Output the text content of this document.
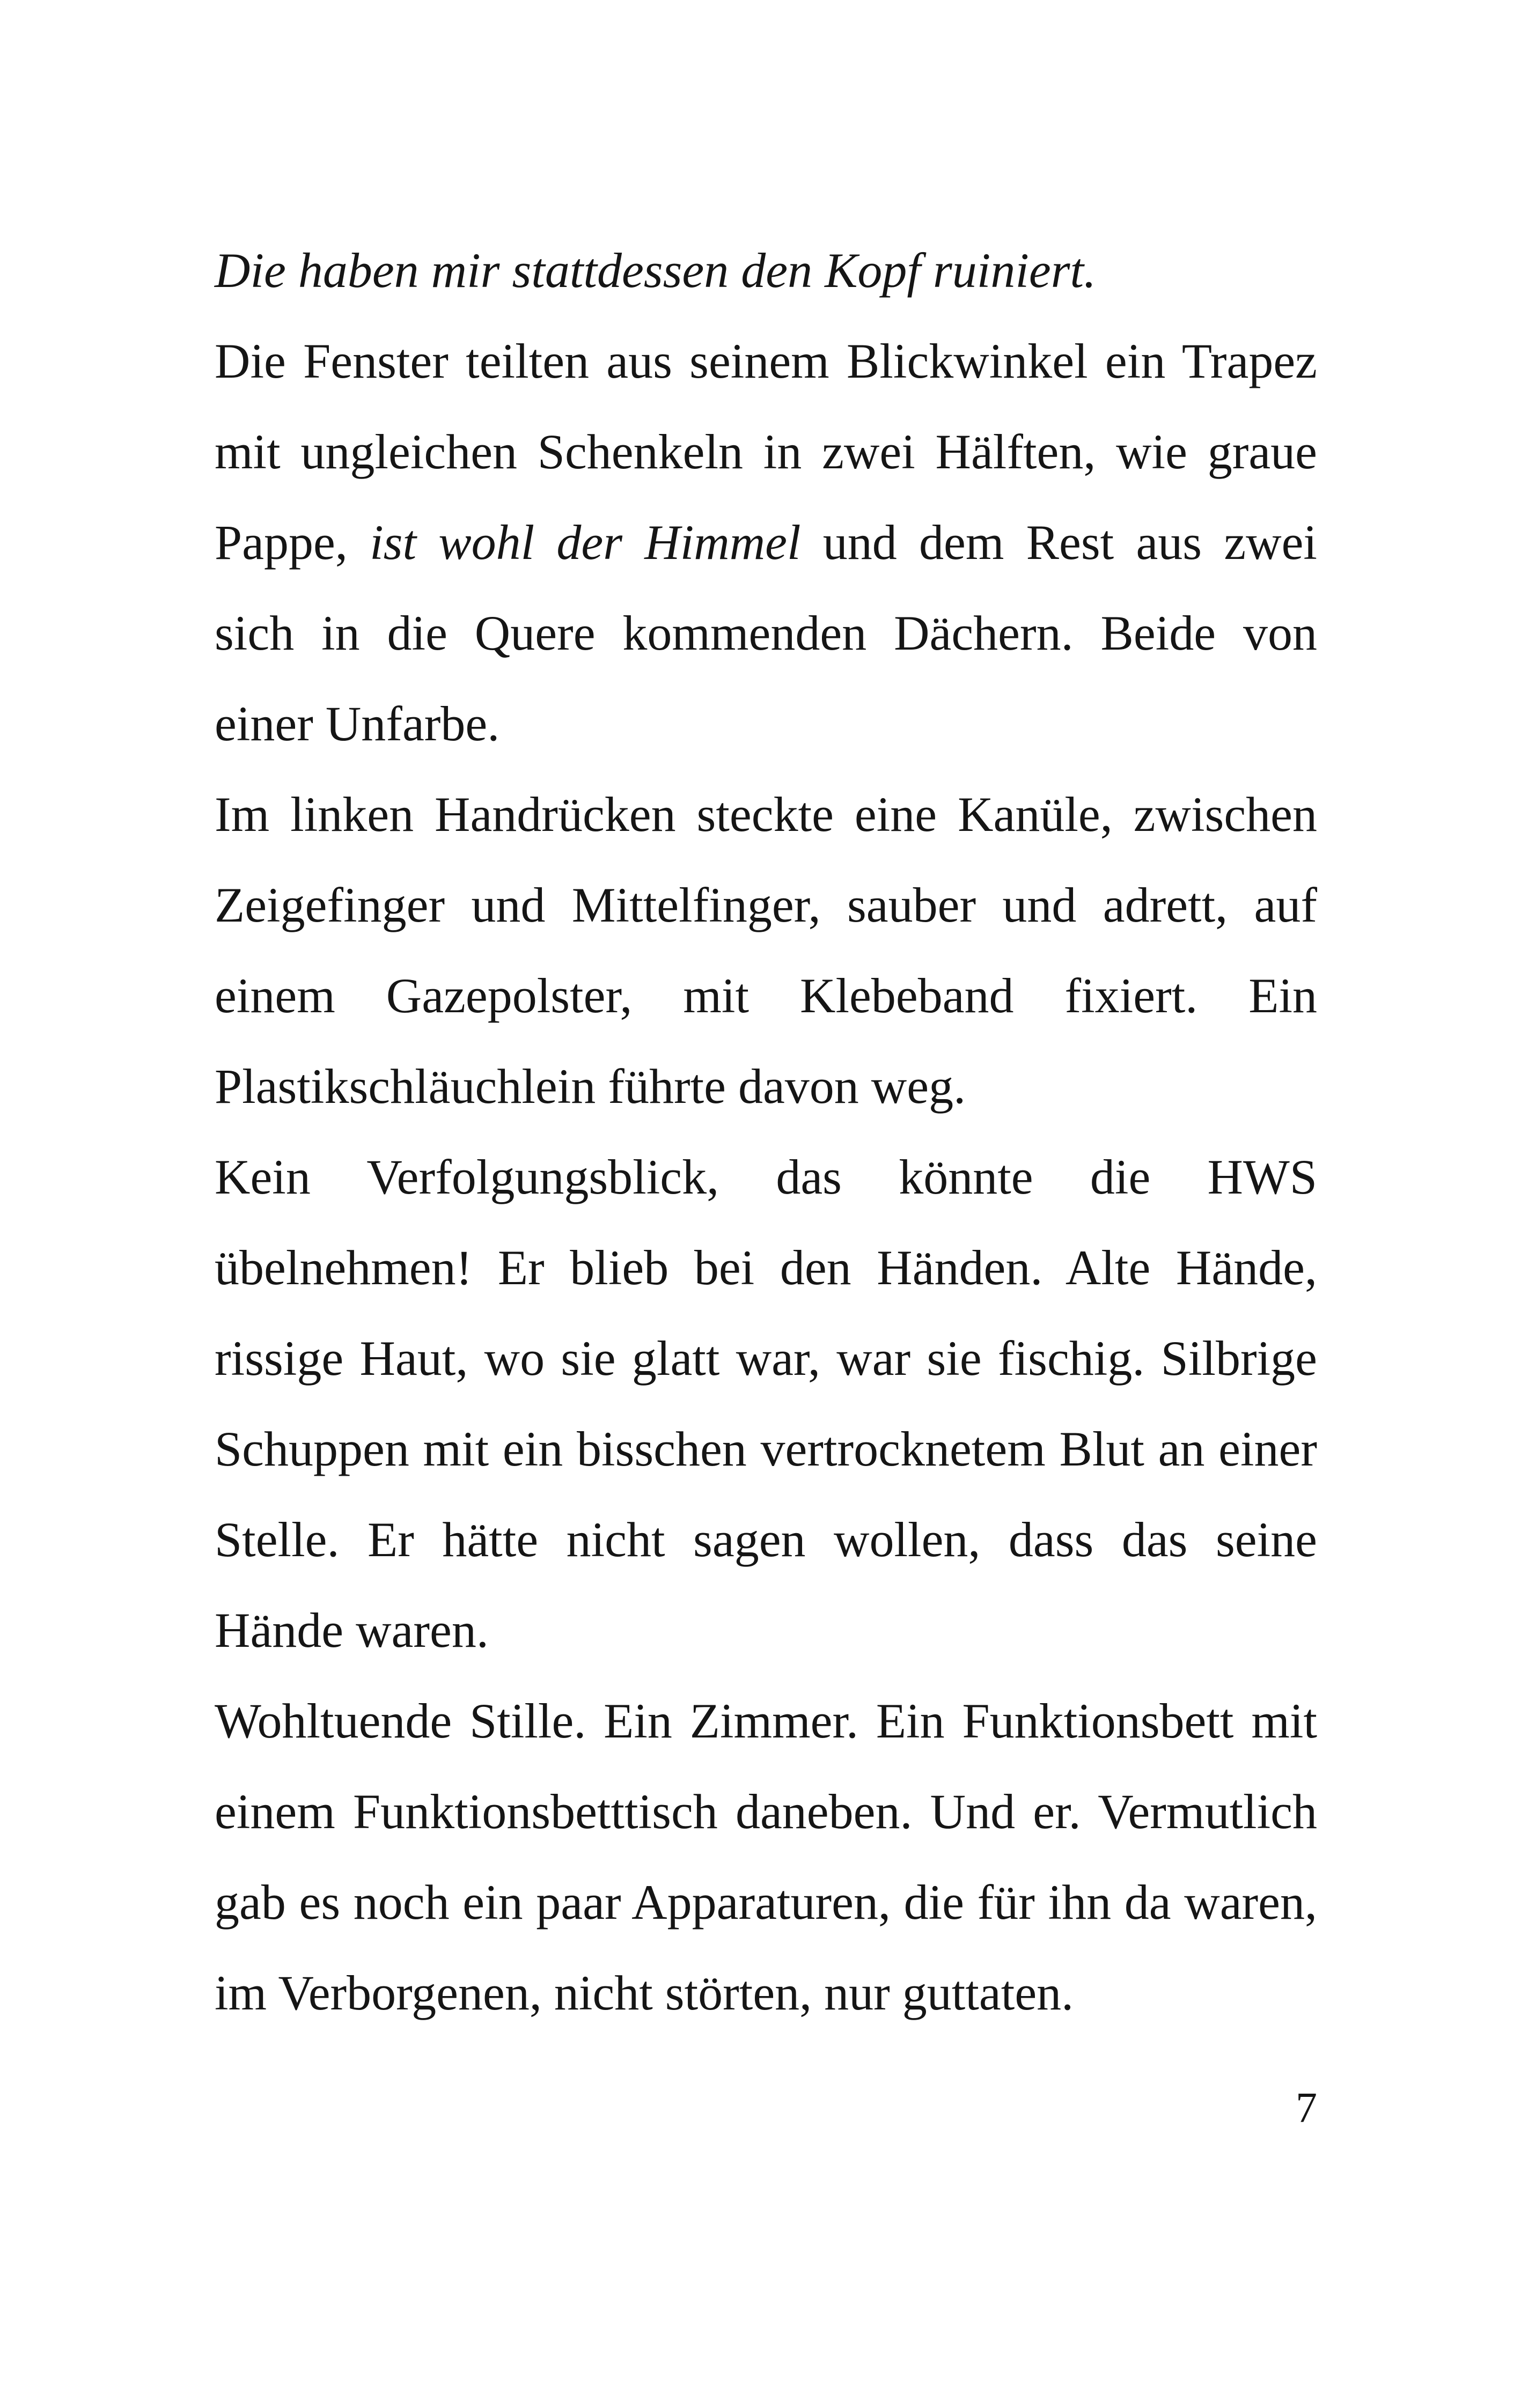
Die haben mir stattdessen den Kopf ruiniert.

Die Fenster teilten aus seinem Blickwinkel ein Trapez mit ungleichen Schenkeln in zwei Hälften, wie graue Pappe, ist wohl der Himmel und dem Rest aus zwei sich in die Quere kommenden Dächern. Beide von einer Unfarbe.

Im linken Handrücken steckte eine Kanüle, zwischen Zeigefinger und Mittelfinger, sauber und adrett, auf einem Gazepolster, mit Klebeband fixiert. Ein Plastikschläuchlein führte davon weg.

Kein Verfolgungsblick, das könnte die HWS übelnehmen! Er blieb bei den Händen. Alte Hände, rissige Haut, wo sie glatt war, war sie fischig. Silbrige Schuppen mit ein bisschen vertrocknetem Blut an einer Stelle. Er hätte nicht sagen wollen, dass das seine Hände waren.

Wohltuende Stille. Ein Zimmer. Ein Funktionsbett mit einem Funktionsbetttisch daneben. Und er. Vermutlich gab es noch ein paar Apparaturen, die für ihn da waren, im Verborgenen, nicht störten, nur guttaten.

7
